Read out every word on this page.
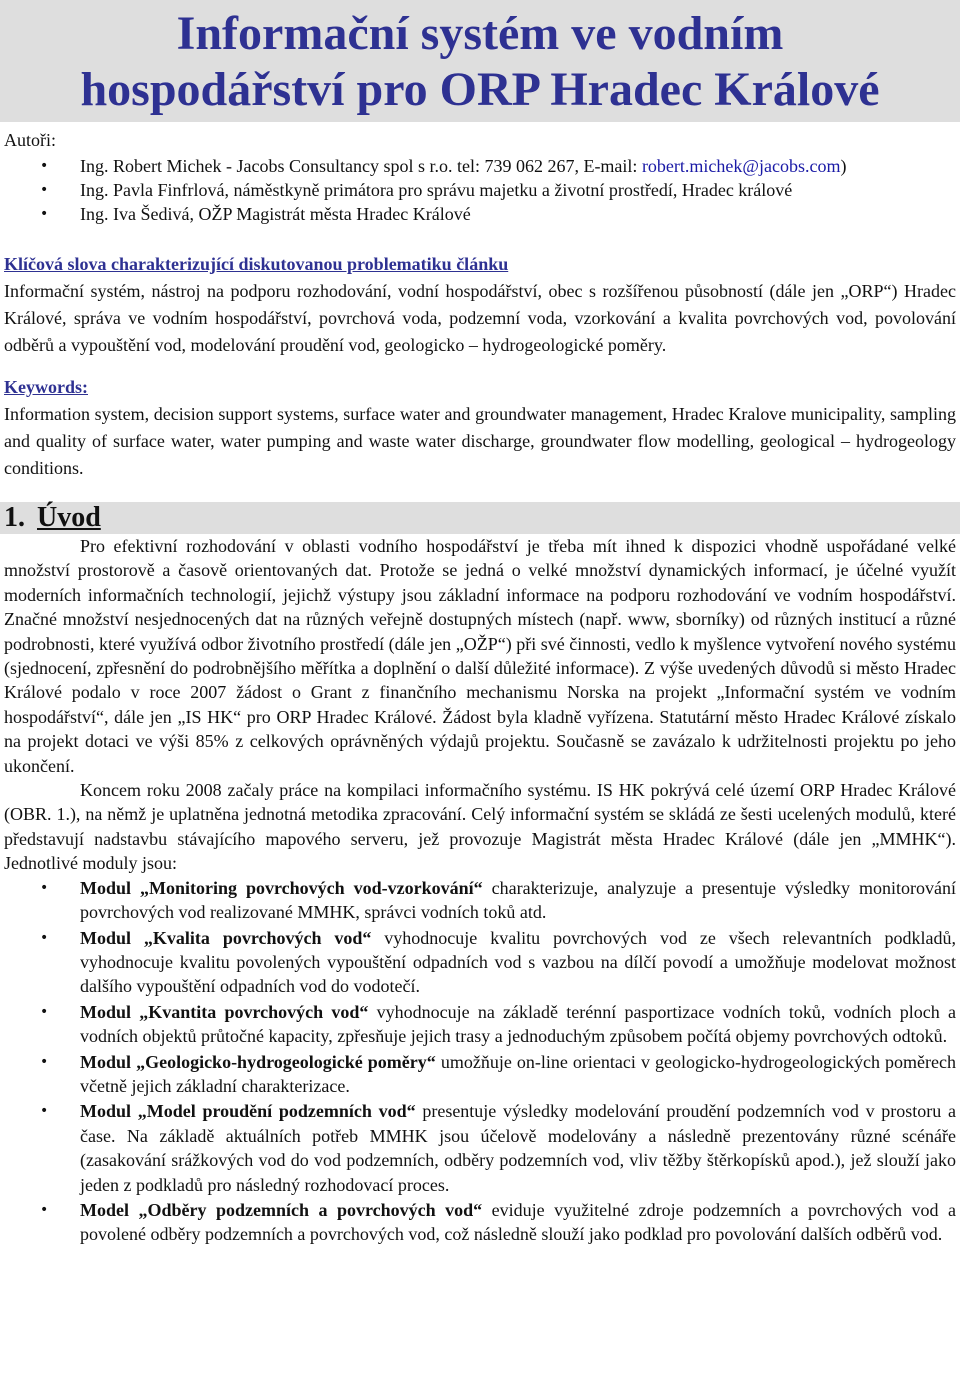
Informační systém ve vodním
hospodářství pro ORP Hradec Králové
Autoři:
• Ing. Robert Michek - Jacobs Consultancy spol s r.o. tel: 739 062 267, E-mail: robert.michek@jacobs.com)
• Ing. Pavla Finfrlová, náměstkyně primátora pro správu majetku a životní prostředí, Hradec králové
• Ing. Iva Šedivá, OŽP Magistrát města Hradec Králové
Klíčová slova charakterizující diskutovanou problematiku článku

Informační systém, nástroj na podporu rozhodování, vodní hospodářství, obec s rozšířenou působností (dále jen „ORP“) Hradec Králové, správa ve vodním hospodářství, povrchová voda, podzemní voda, vzorkování a kvalita povrchových vod, povolování odběrů a vypouštění vod, modelování proudění vod, geologicko – hydrogeologické poměry.

Keywords:

Information system, decision support systems, surface water and groundwater management, Hradec Kralove municipality, sampling and quality of surface water, water pumping and waste water discharge, groundwater flow modelling, geological – hydrogeology conditions.

1. Úvod

Pro efektivní rozhodování v oblasti vodního hospodářství je třeba mít ihned k dispozici vhodně uspořádané velké množství prostorově a časově orientovaných dat. Protože se jedná o velké množství dynamických informací, je účelné využít moderních informačních technologií, jejichž výstupy jsou základní informace na podporu rozhodování ve vodním hospodářství. Značné množství nesjednocených dat na různých veřejně dostupných místech (např. www, sborníky) od různých institucí a různé podrobnosti, které využívá odbor životního prostředí (dále jen „OŽP“) při své činnosti, vedlo k myšlence vytvoření nového systému (sjednocení, zpřesnění do podrobnějšího měřítka a doplnění o další důležité informace). Z výše uvedených důvodů si město Hradec Králové podalo v roce 2007 žádost o Grant z finančního mechanismu Norska na projekt „Informační systém ve vodním hospodářství“, dále jen „IS HK“ pro ORP Hradec Králové. Žádost byla kladně vyřízena. Statutární město Hradec Králové získalo na projekt dotaci ve výši 85% z celkových oprávněných výdajů projektu. Současně se zavázalo k udržitelnosti projektu po jeho ukončení.

Koncem roku 2008 začaly práce na kompilaci informačního systému. IS HK pokrývá celé území ORP Hradec Králové (OBR. 1.), na němž je uplatněna jednotná metodika zpracování. Celý informační systém se skládá ze šesti ucelených modulů, které představují nadstavbu stávajícího mapového serveru, jež provozuje Magistrát města Hradec Králové (dále jen „MMHK“). Jednotlivé moduly jsou:

• Modul „Monitoring povrchových vod-vzorkování“ charakterizuje, analyzuje a presentuje výsledky monitorování povrchových vod realizované MMHK, správci vodních toků atd.
• Modul „Kvalita povrchových vod“ vyhodnocuje kvalitu povrchových vod ze všech relevantních podkladů, vyhodnocuje kvalitu povolených vypouštění odpadních vod s vazbou na dílčí povodí a umožňuje modelovat možnost dalšího vypouštění odpadních vod do vodotečí.
• Modul „Kvantita povrchových vod“ vyhodnocuje na základě terénní pasportizace vodních toků, vodních ploch a vodních objektů průtočné kapacity, zpřesňuje jejich trasy a jednoduchým způsobem počítá objemy povrchových odtoků.
• Modul „Geologicko-hydrogeologické poměry“ umožňuje on-line orientaci v geologicko-hydrogeologických poměrech včetně jejich základní charakterizace.
• Modul „Model proudění podzemních vod“ presentuje výsledky modelování proudění podzemních vod v prostoru a čase. Na základě aktuálních potřeb MMHK jsou účelově modelovány a následně prezentovány různé scénáře (zasakování srážkových vod do vod podzemních, odběry podzemních vod, vliv těžby štěrkopísků apod.), jež slouží jako jeden z podkladů pro následný rozhodovací proces.
• Model „Odběry podzemních a povrchových vod“ eviduje využitelné zdroje podzemních a povrchových vod a povolené odběry podzemních a povrchových vod, což následně slouží jako podklad pro povolování dalších odběrů vod.
